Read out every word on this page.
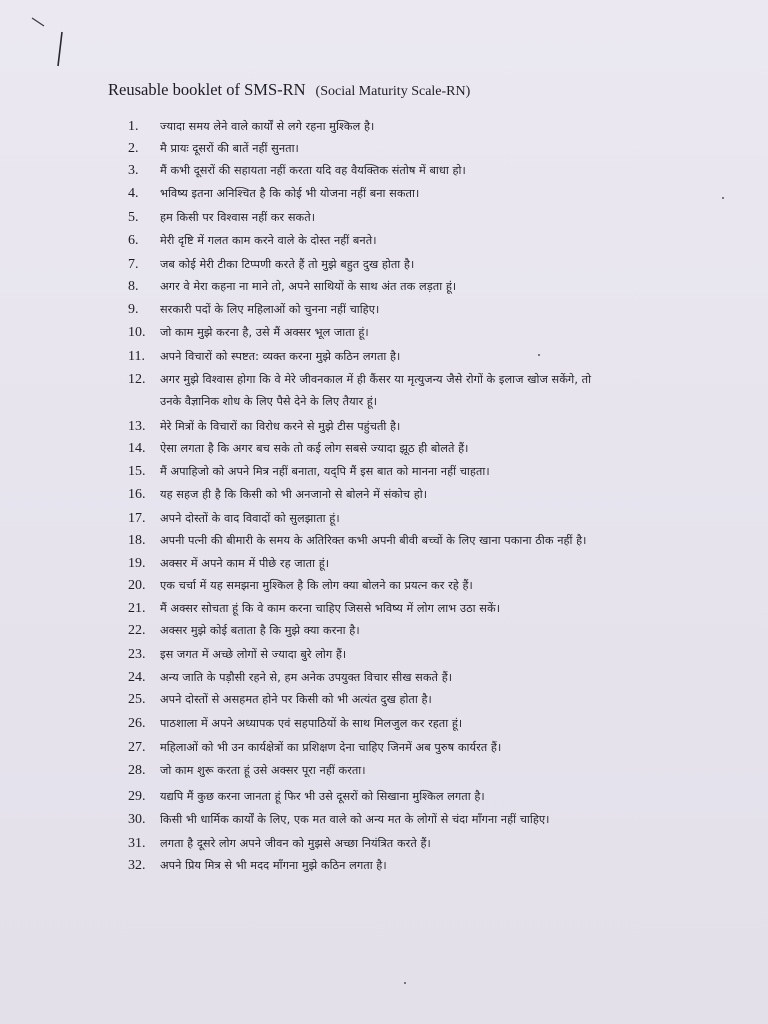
Reusable booklet of SMS-RN (Social Maturity Scale-RN)
1.	ज्यादा समय लेने वाले कार्यों से लगे रहना मुश्किल है।
2.	मै प्रायः दूसरों की बातें नहीं सुनता।
3.	मैं कभी दूसरों की सहायता नहीं करता यदि वह वैयक्तिक संतोष में बाधा हो।
4.	भविष्य इतना अनिश्चित है कि कोई भी योजना नहीं बना सकता।
5.	हम किसी पर विश्वास नहीं कर सकते।
6.	मेरी दृष्टि में गलत काम करने वाले के दोस्त नहीं बनते।
7.	जब कोई मेरी टीका टिप्पणी करते हैं तो मुझे बहुत दुख होता है।
8.	अगर वे मेरा कहना ना माने तो, अपने साथियों के साथ अंत तक लड़ता हूं।
9.	सरकारी पदों के लिए महिलाओं को चुनना नहीं चाहिए।
10.	जो काम मुझे करना है, उसे मैं अक्सर भूल जाता हूं।
11.	अपने विचारों को स्पष्टत: व्यक्त करना मुझे कठिन लगता है।
12.	अगर मुझे विश्वास होगा कि वे मेरे जीवनकाल में ही कैंसर या मृत्युजन्य जैसे रोगों के इलाज खोज सकेंगे, तो
उनके वैज्ञानिक शोध के लिए पैसे देने के लिए तैयार हूं।
13.	मेरे मित्रों के विचारों का विरोध करने से मुझे टीस पहुंचती है।
14.	ऐसा लगता है कि अगर बच सके तो कई लोग सबसे ज्यादा झूठ ही बोलते हैं।
15.	मैं अपाहिजो को अपने मित्र नहीं बनाता, यद्पि मैं इस बात को मानना नहीं चाहता।
16.	यह सहज ही है कि किसी को भी अनजानो से बोलने में संकोच हो।
17.	अपने दोस्तों के वाद विवादों को सुलझाता हूं।
18.	अपनी पत्नी की बीमारी के समय के अतिरिक्त कभी अपनी बीवी बच्चों के लिए खाना पकाना ठीक नहीं है।
19.	अक्सर में अपने काम में पीछे रह जाता हूं।
20.	एक चर्चा में यह समझना मुश्किल है कि लोग क्या बोलने का प्रयत्न कर रहे हैं।
21.	मैं अक्सर सोचता हूं कि वे काम करना चाहिए जिससे भविष्य में लोग लाभ उठा सकें।
22.	अक्सर मुझे कोई बताता है कि मुझे क्या करना है।
23.	इस जगत में अच्छे लोगों से ज्यादा बुरे लोग हैं।
24.	अन्य जाति के पड़ौसी रहने से, हम अनेक उपयुक्त विचार सीख सकते हैं।
25.	अपने दोस्तों से असहमत होने पर किसी को भी अत्यंत दुख होता है।
26.	पाठशाला में अपने अध्यापक एवं सहपाठियों के साथ मिलजुल कर रहता हूं।
27.	महिलाओं को भी उन कार्यक्षेत्रों का प्रशिक्षण देना चाहिए जिनमें अब पुरुष कार्यरत हैं।
28.	जो काम शुरू करता हूं उसे अक्सर पूरा नहीं करता।
29.	यद्यपि मैं कुछ करना जानता हूं फिर भी उसे दूसरों को सिखाना मुश्किल लगता है।
30.	किसी भी धार्मिक कार्यों के लिए, एक मत वाले को अन्य मत के लोगों से चंदा माँगना नहीं चाहिए।
31.	लगता है दूसरे लोग अपने जीवन को मुझसे अच्छा नियंत्रित करते हैं।
32.	अपने प्रिय मित्र से भी मदद माँगना मुझे कठिन लगता है।
